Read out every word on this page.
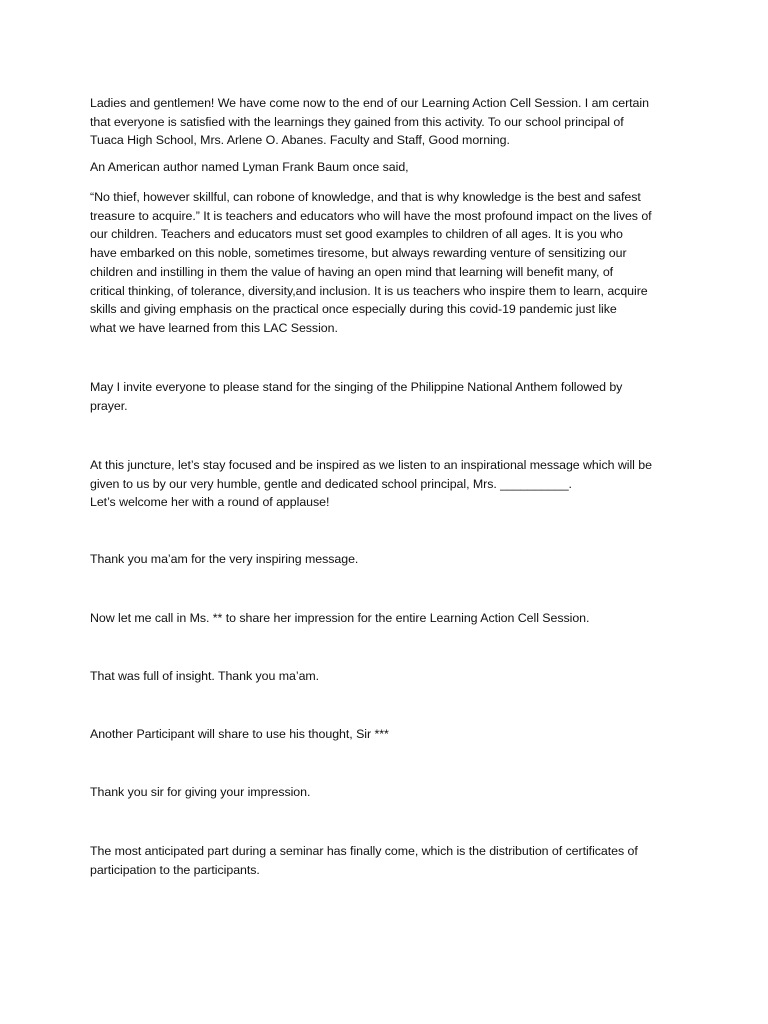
Ladies and gentlemen! We have come now to the end of our Learning Action Cell Session. I am certain
that everyone is satisfied with the learnings they gained from this activity. To our school principal of
Tuaca High School, Mrs. Arlene O. Abanes. Faculty and Staff, Good morning.
An American author named Lyman Frank Baum once said,
“No thief, however skillful, can robone of knowledge, and that is why knowledge is the best and safest
treasure to acquire.” It is teachers and educators who will have the most profound impact on the lives of
our children. Teachers and educators must set good examples to children of all ages. It is you who
have embarked on this noble, sometimes tiresome, but always rewarding venture of sensitizing our
children and instilling in them the value of having an open mind that learning will benefit many, of
critical thinking, of tolerance, diversity,and inclusion. It is us teachers who inspire them to learn, acquire
skills and giving emphasis on the practical once especially during this covid-19 pandemic just like
what we have learned from this LAC Session.
May I invite everyone to please stand for the singing of the Philippine National Anthem followed by
prayer.
At this juncture, let’s stay focused and be inspired as we listen to an inspirational message which will be
given to us by our very humble, gentle and dedicated school principal, Mrs. __________.
Let’s welcome her with a round of applause!
Thank you ma’am for the very inspiring message.
Now let me call in Ms. ** to share her impression for the entire Learning Action Cell Session.
That was full of insight. Thank you ma’am.
Another Participant will share to use his thought, Sir ***
Thank you sir for giving your impression.
The most anticipated part during a seminar has finally come, which is the distribution of certificates of
participation to the participants.
